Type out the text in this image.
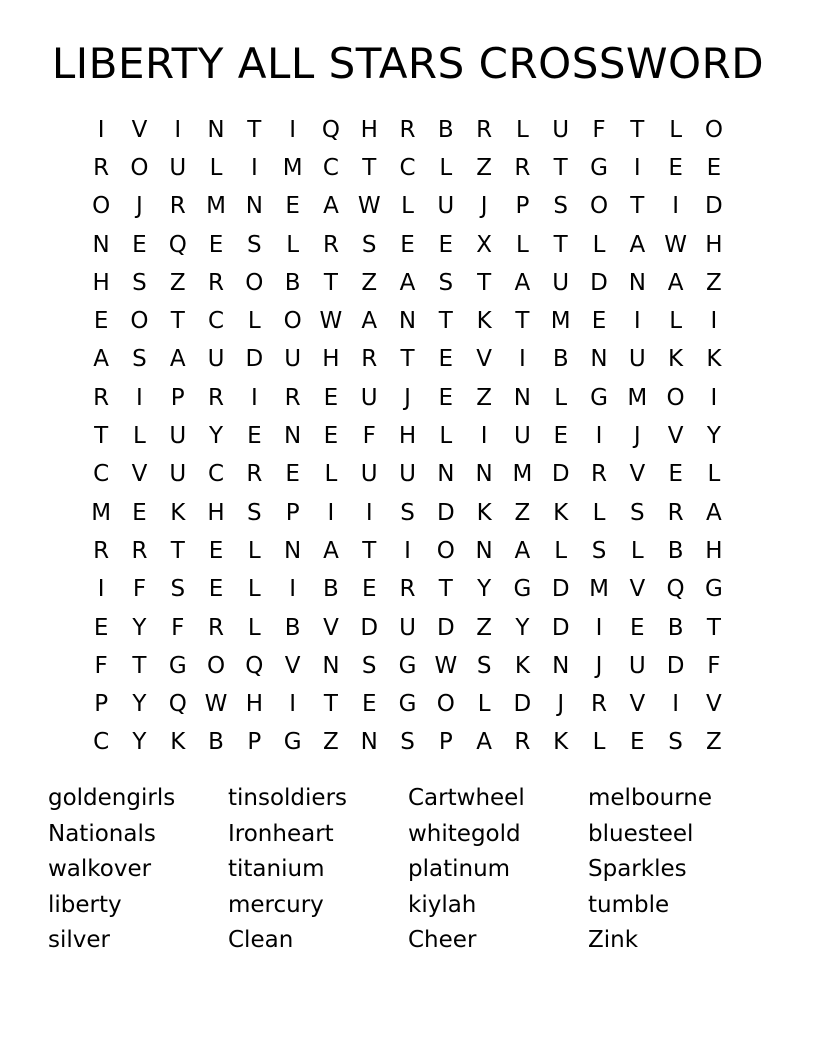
LIBERTY ALL STARS CROSSWORD
I	V	I	N T	I	Q H R B R	L	U	F	T	L O
R O U	L	I	M C	T	C	L	Z R	T G	I	E	E
O	J	R M N E	A W L	U	J	P	S O T	I	D
N E Q E	S	L	R	S	E	E	X	L	T	L	A W H
H S	Z R O B	T	Z A	S	T	A U D N A Z
E O T	C	L O W A N T	K	T M E	I	L	I
A	S	A U D U H R	T	E	V	I	B N U K	K
R	I	P	R	I	R	E U	J	E	Z N	L G M O	I
T	L	U Y	E N E	F	H	L	I	U E	I	J	V	Y
C V U C R	E	L	U U N N M D R V	E	L
M E	K H S	P	I	I	S D K Z K	L	S	R A
R R	T	E	L	N A	T	I	O N A	L	S	L	B H
I	F	S	E	L	I	B	E	R	T	Y G D M V Q G
E	Y	F	R	L	B V D U D Z	Y D	I	E	B	T
F	T G O Q V N S G W S	K N	J	U D F
P	Y Q W H	I	T	E G O L	D	J	R V	I	V
C	Y	K B	P G Z N S	P	A R K	L	E	S	Z
goldengirls	tinsoldiers	Cartwheel	melbourne
Nationals	Ironheart	whitegold	bluesteel
walkover	titanium	platinum	Sparkles
liberty	mercury	kiylah	tumble
silver	Clean	Cheer	Zink
